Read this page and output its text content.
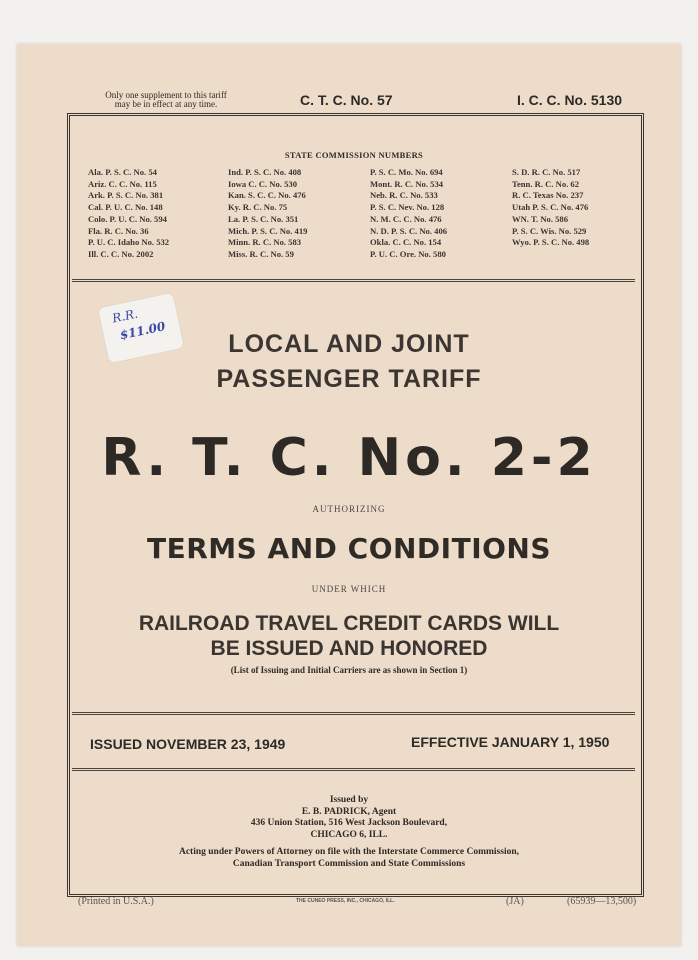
Only one supplement to this tariff
may be in effect at any time.	C. T. C. No. 57	I. C. C. No. 5130
STATE COMMISSION NUMBERS
Ala. P. S. C. No. 54
Ariz. C. C. No. 115
Ark. P. S. C. No. 381
Cal. P. U. C. No. 148
Colo. P. U. C. No. 594
Fla. R. C. No. 36
P. U. C. Idaho No. 532
Ill. C. C. No. 2002
Ind. P. S. C. No. 408
Iowa C. C. No. 530
Kan. S. C. C. No. 476
Ky. R. C. No. 75
La. P. S. C. No. 351
Mich. P. S. C. No. 419
Minn. R. C. No. 583
Miss. R. C. No. 59
P. S. C. Mo. No. 694
Mont. R. C. No. 534
Neb. R. C. No. 533
P. S. C. Nev. No. 128
N. M. C. C. No. 476
N. D. P. S. C. No. 406
Okla. C. C. No. 154
P. U. C. Ore. No. 580
S. D. R. C. No. 517
Tenn. R. C. No. 62
R. C. Texas No. 237
Utah P. S. C. No. 476
WN. T. No. 586
P. S. C. Wis. No. 529
Wyo. P. S. C. No. 498
R.R.
$11.00	LOCAL AND JOINT
PASSENGER TARIFF
R. T. C. No. 2-2
AUTHORIZING
TERMS AND CONDITIONS
UNDER WHICH
RAILROAD TRAVEL CREDIT CARDS WILL
BE ISSUED AND HONORED
(List of Issuing and Initial Carriers are as shown in Section 1)
ISSUED NOVEMBER 23, 1949	EFFECTIVE JANUARY 1, 1950
Issued by
E. B. PADRICK, Agent
436 Union Station, 516 West Jackson Boulevard,
CHICAGO 6, ILL.
Acting under Powers of Attorney on file with the Interstate Commerce Commission,
Canadian Transport Commission and State Commissions
(Printed in U.S.A.)	THE CUNEO PRESS, INC., CHICAGO, ILL.	(JA)	(65939—13,500)
